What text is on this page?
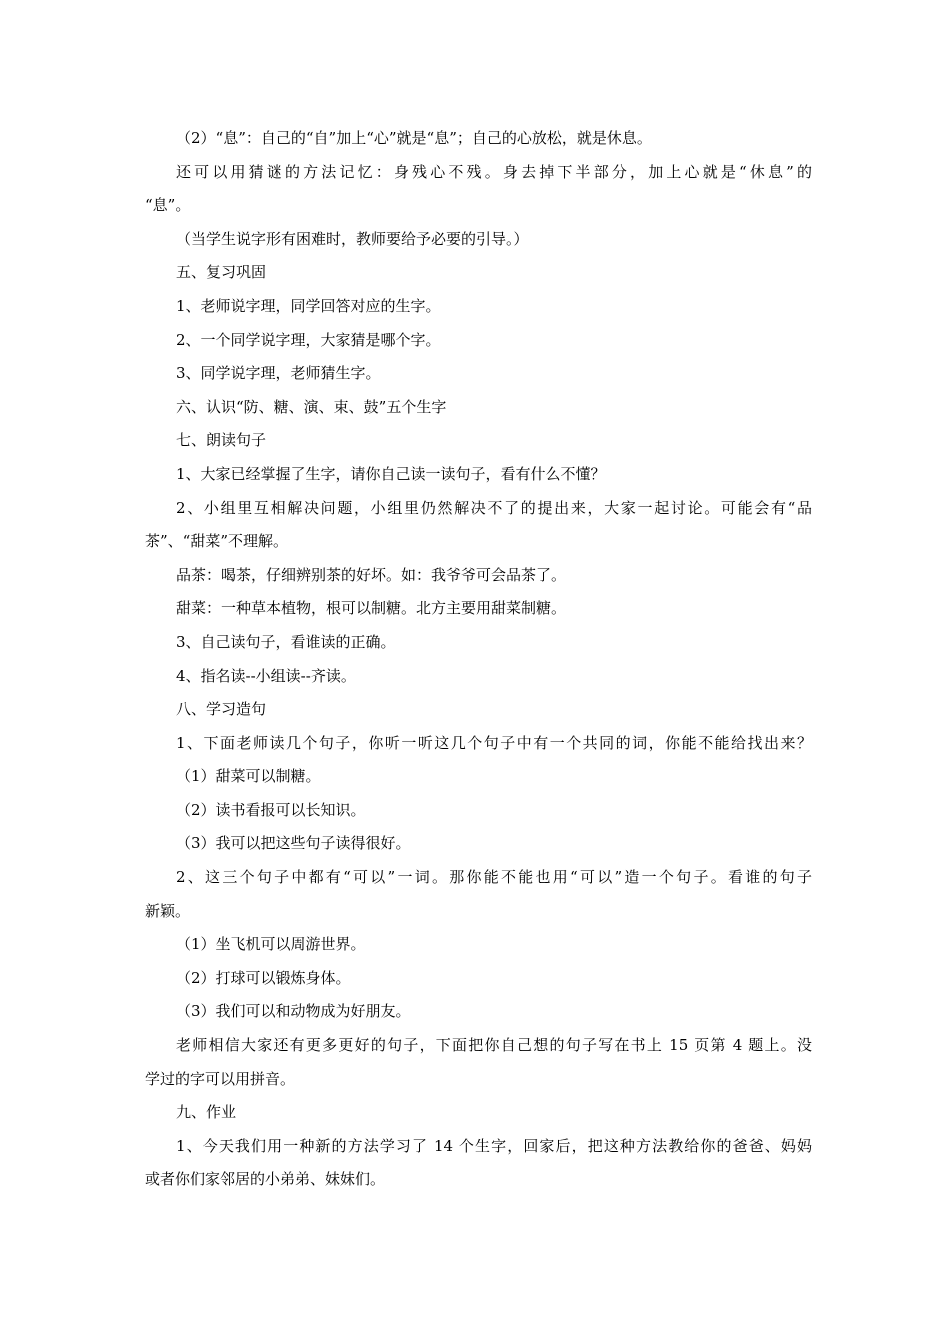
（2）“息”：自己的“自”加上“心”就是“息”；自己的心放松，就是休息。

还可以用猜谜的方法记忆：身残心不残。身去掉下半部分，加上心就是“休息”的

“息”。

（当学生说字形有困难时，教师要给予必要的引导。）

五、复习巩固

1、老师说字理，同学回答对应的生字。

2、一个同学说字理，大家猜是哪个字。

3、同学说字理，老师猜生字。

六、认识“防、糖、演、束、鼓”五个生字

七、朗读句子

1、大家已经掌握了生字，请你自己读一读句子，看有什么不懂？

2、小组里互相解决问题，小组里仍然解决不了的提出来，大家一起讨论。可能会有“品

茶”、“甜菜”不理解。

品茶：喝茶，仔细辨别茶的好坏。如：我爷爷可会品茶了。

甜菜：一种草本植物，根可以制糖。北方主要用甜菜制糖。

3、自己读句子，看谁读的正确。

4、指名读--小组读--齐读。

八、学习造句

1、下面老师读几个句子，你听一听这几个句子中有一个共同的词，你能不能给找出来？

（1）甜菜可以制糖。

（2）读书看报可以长知识。

（3）我可以把这些句子读得很好。

2、这三个句子中都有“可以”一词。那你能不能也用“可以”造一个句子。看谁的句子

新颖。

（1）坐飞机可以周游世界。

（2）打球可以锻炼身体。

（3）我们可以和动物成为好朋友。

老师相信大家还有更多更好的句子，下面把你自己想的句子写在书上 15 页第 4 题上。没

学过的字可以用拼音。

九、作业

1、今天我们用一种新的方法学习了 14 个生字，回家后，把这种方法教给你的爸爸、妈妈

或者你们家邻居的小弟弟、妹妹们。
